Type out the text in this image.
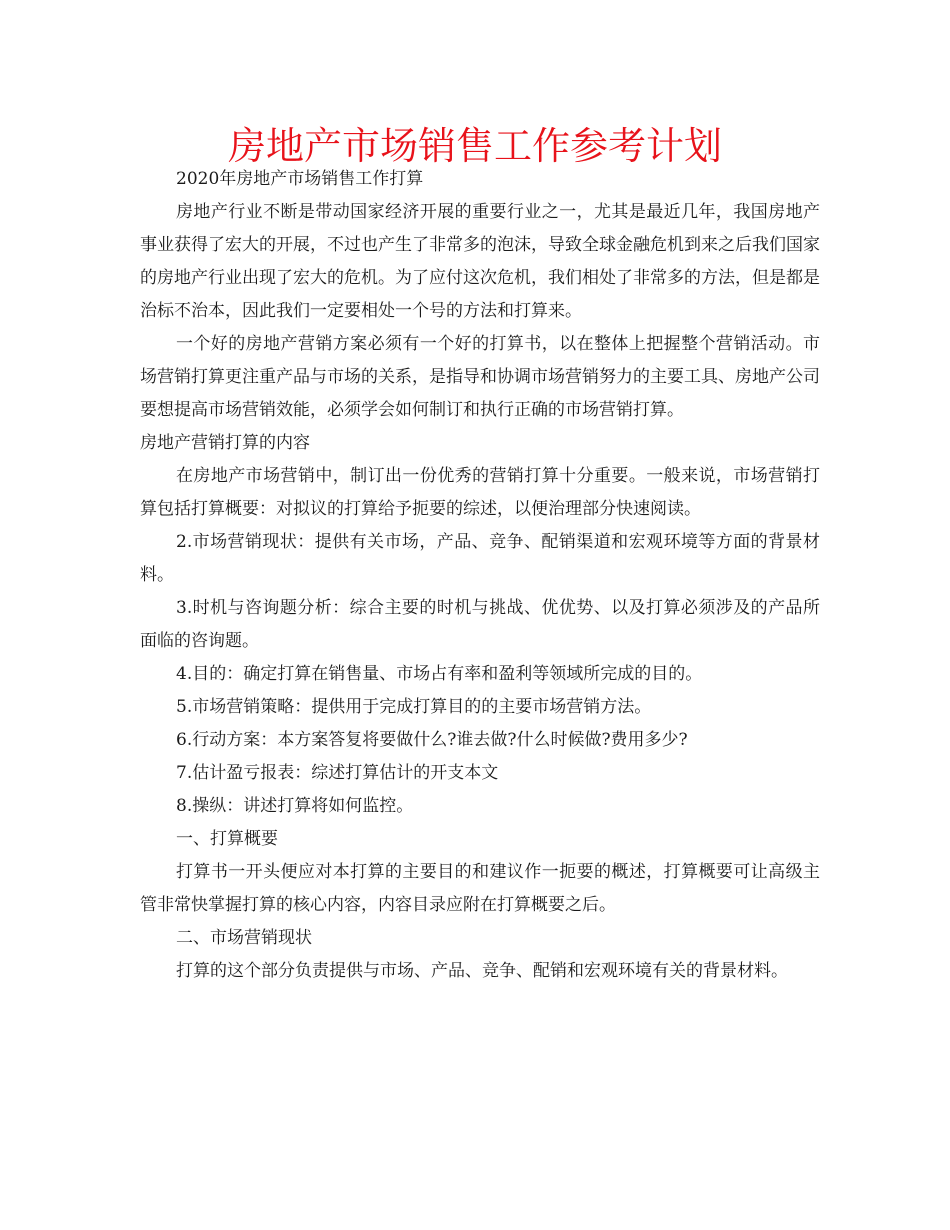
房地产市场销售工作参考计划

2020年房地产市场销售工作打算

房地产行业不断是带动国家经济开展的重要行业之一，尤其是最近几年，我国房地产事业获得了宏大的开展，不过也产生了非常多的泡沫，导致全球金融危机到来之后我们国家的房地产行业出现了宏大的危机。为了应付这次危机，我们相处了非常多的方法，但是都是治标不治本，因此我们一定要相处一个号的方法和打算来。

一个好的房地产营销方案必须有一个好的打算书，以在整体上把握整个营销活动。市场营销打算更注重产品与市场的关系，是指导和协调市场营销努力的主要工具、房地产公司要想提高市场营销效能，必须学会如何制订和执行正确的市场营销打算。

房地产营销打算的内容

在房地产市场营销中，制订出一份优秀的营销打算十分重要。一般来说，市场营销打算包括打算概要：对拟议的打算给予扼要的综述，以便治理部分快速阅读。

2.市场营销现状：提供有关市场，产品、竞争、配销渠道和宏观环境等方面的背景材料。

3.时机与咨询题分析：综合主要的时机与挑战、优优势、以及打算必须涉及的产品所面临的咨询题。

4.目的：确定打算在销售量、市场占有率和盈利等领域所完成的目的。

5.市场营销策略：提供用于完成打算目的的主要市场营销方法。

6.行动方案：本方案答复将要做什么?谁去做?什么时候做?费用多少?

7.估计盈亏报表：综述打算估计的开支本文

8.操纵：讲述打算将如何监控。

一、打算概要

打算书一开头便应对本打算的主要目的和建议作一扼要的概述，打算概要可让高级主管非常快掌握打算的核心内容，内容目录应附在打算概要之后。

二、市场营销现状

打算的这个部分负责提供与市场、产品、竞争、配销和宏观环境有关的背景材料。
